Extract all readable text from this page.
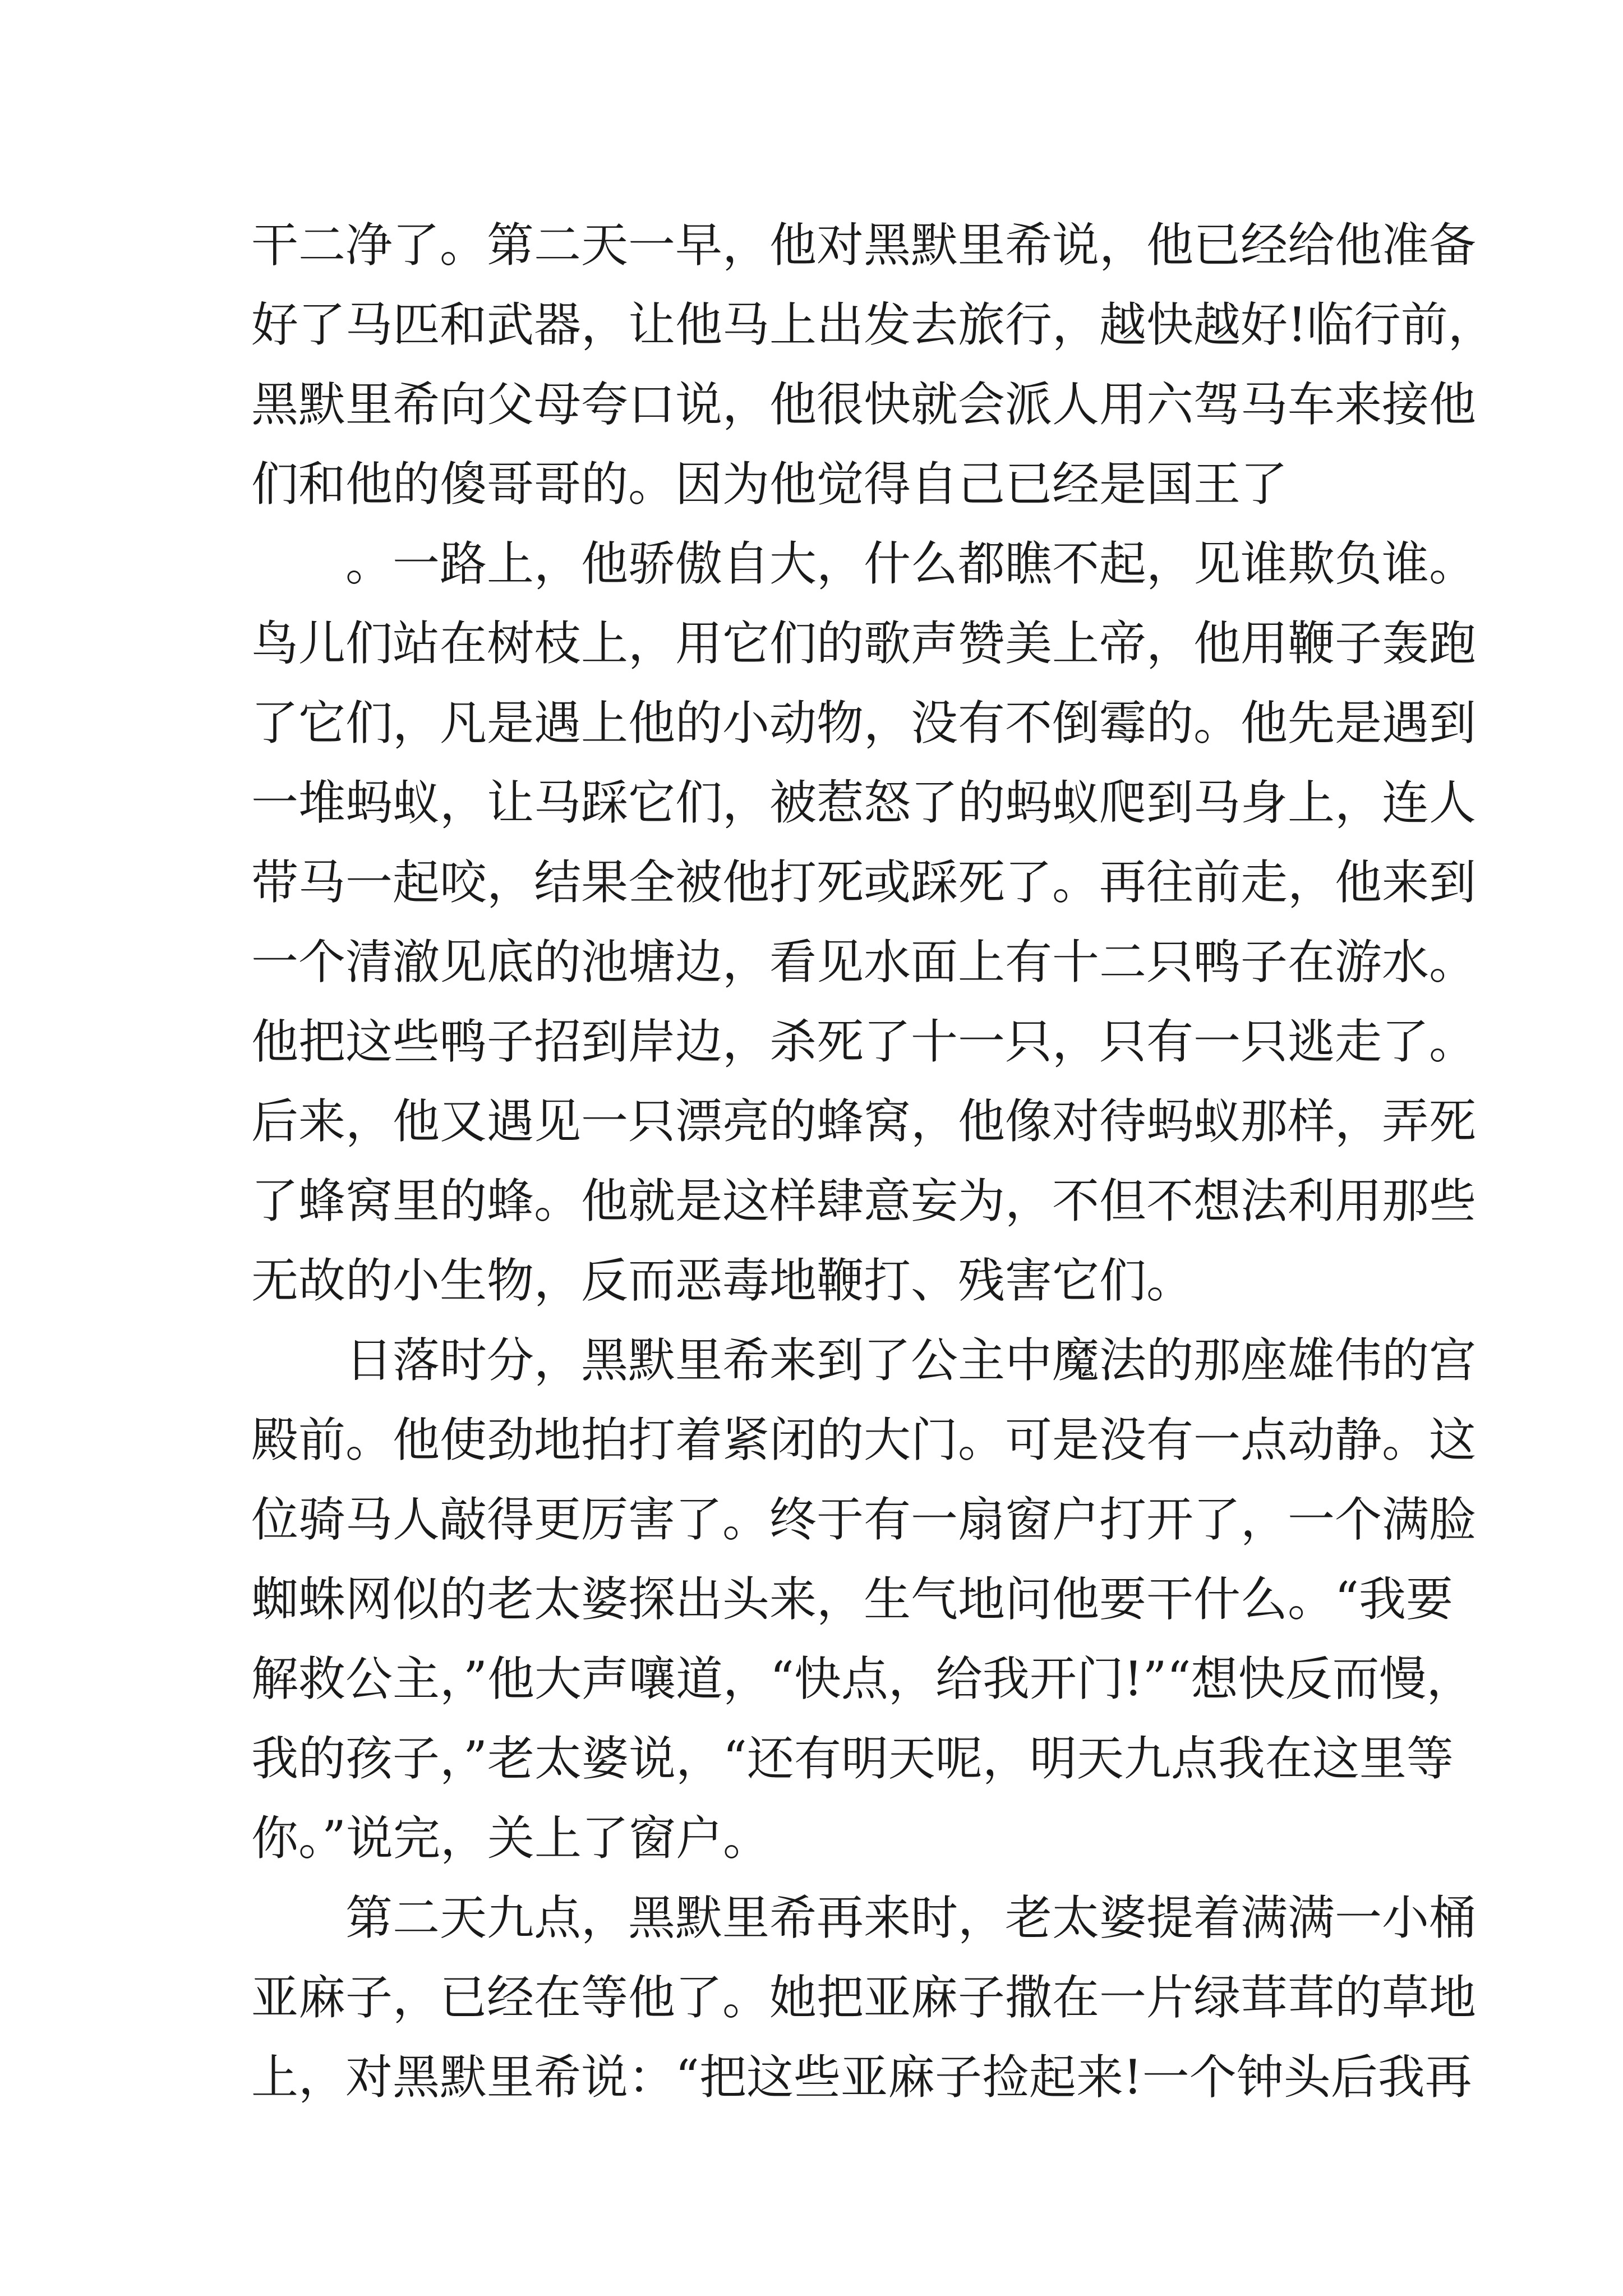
干二净了。第二天一早，他对黑默里希说，他已经给他准备
好了马匹和武器，让他马上出发去旅行，越快越好!临行前，
黑默里希向父母夸口说，他很快就会派人用六驾马车来接他
们和他的傻哥哥的。因为他觉得自己已经是国王了
。一路上，他骄傲自大，什么都瞧不起，见谁欺负谁。
鸟儿们站在树枝上，用它们的歌声赞美上帝，他用鞭子轰跑
了它们，凡是遇上他的小动物，没有不倒霉的。他先是遇到
一堆蚂蚁，让马踩它们，被惹怒了的蚂蚁爬到马身上，连人
带马一起咬，结果全被他打死或踩死了。再往前走，他来到
一个清澈见底的池塘边，看见水面上有十二只鸭子在游水。
他把这些鸭子招到岸边，杀死了十一只，只有一只逃走了。
后来，他又遇见一只漂亮的蜂窝，他像对待蚂蚁那样，弄死
了蜂窝里的蜂。他就是这样肆意妄为，不但不想法利用那些
无故的小生物，反而恶毒地鞭打、残害它们。
日落时分，黑默里希来到了公主中魔法的那座雄伟的宫
殿前。他使劲地拍打着紧闭的大门。可是没有一点动静。这
位骑马人敲得更厉害了。终于有一扇窗户打开了，一个满脸
蜘蛛网似的老太婆探出头来，生气地问他要干什么。“我要
解救公主，”他大声嚷道，“快点，给我开门!”“想快反而慢，
我的孩子，”老太婆说，“还有明天呢，明天九点我在这里等
你。”说完，关上了窗户。
第二天九点，黑默里希再来时，老太婆提着满满一小桶
亚麻子，已经在等他了。她把亚麻子撒在一片绿茸茸的草地
上，对黑默里希说：“把这些亚麻子捡起来!一个钟头后我再
